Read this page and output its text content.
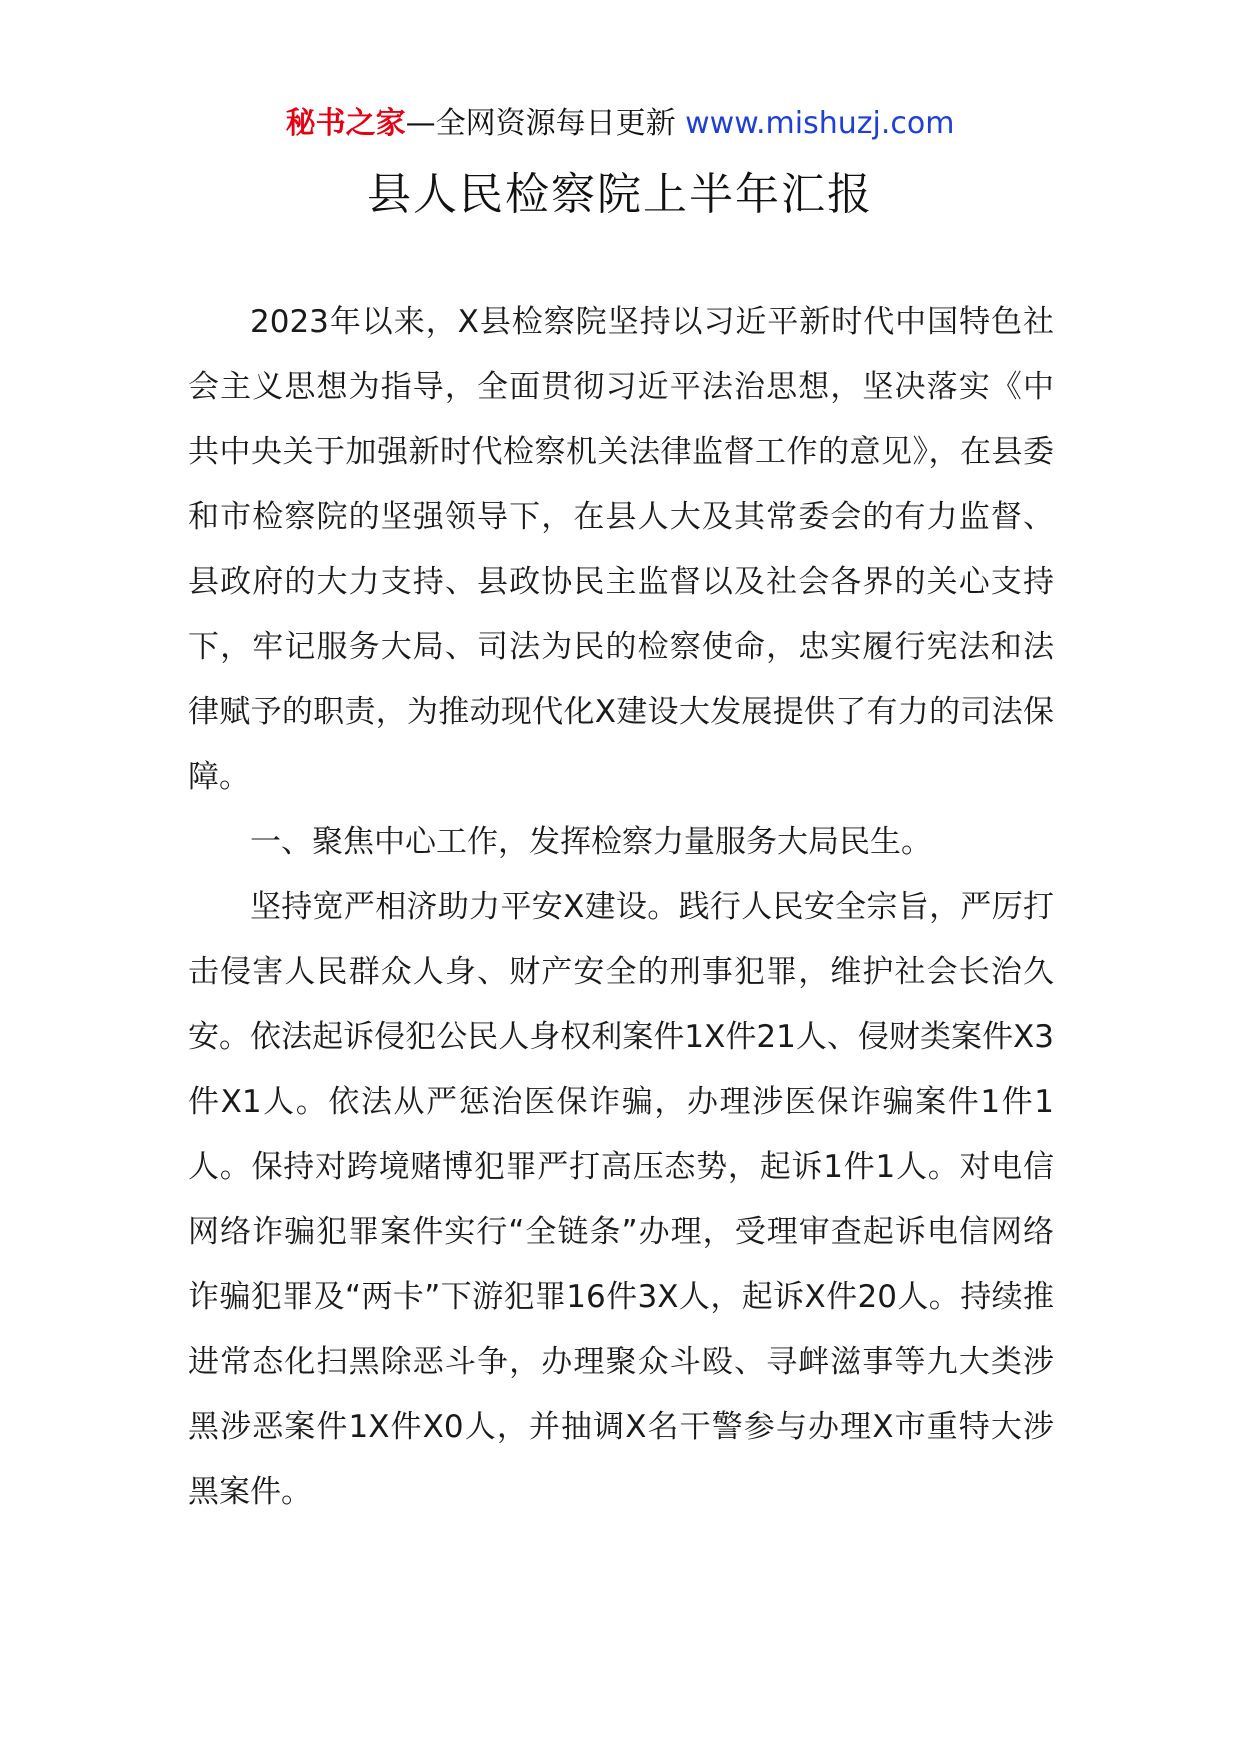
秘书之家—全网资源每日更新 www.mishuzj.com
县人民检察院上半年汇报

2023年以来，X县检察院坚持以习近平新时代中国特色社会主义思想为指导，全面贯彻习近平法治思想，坚决落实《中共中央关于加强新时代检察机关法律监督工作的意见》，在县委和市检察院的坚强领导下，在县人大及其常委会的有力监督、县政府的大力支持、县政协民主监督以及社会各界的关心支持下，牢记服务大局、司法为民的检察使命，忠实履行宪法和法律赋予的职责，为推动现代化X建设大发展提供了有力的司法保障。

一、聚焦中心工作，发挥检察力量服务大局民生。

坚持宽严相济助力平安X建设。践行人民安全宗旨，严厉打击侵害人民群众人身、财产安全的刑事犯罪，维护社会长治久安。依法起诉侵犯公民人身权利案件1X件21人、侵财类案件X3件X1人。依法从严惩治医保诈骗，办理涉医保诈骗案件1件1人。保持对跨境赌博犯罪严打高压态势，起诉1件1人。对电信网络诈骗犯罪案件实行“全链条”办理，受理审查起诉电信网络诈骗犯罪及“两卡”下游犯罪16件3X人，起诉X件20人。持续推进常态化扫黑除恶斗争，办理聚众斗殴、寻衅滋事等九大类涉黑涉恶案件1X件X0人，并抽调X名干警参与办理X市重特大涉黑案件。
